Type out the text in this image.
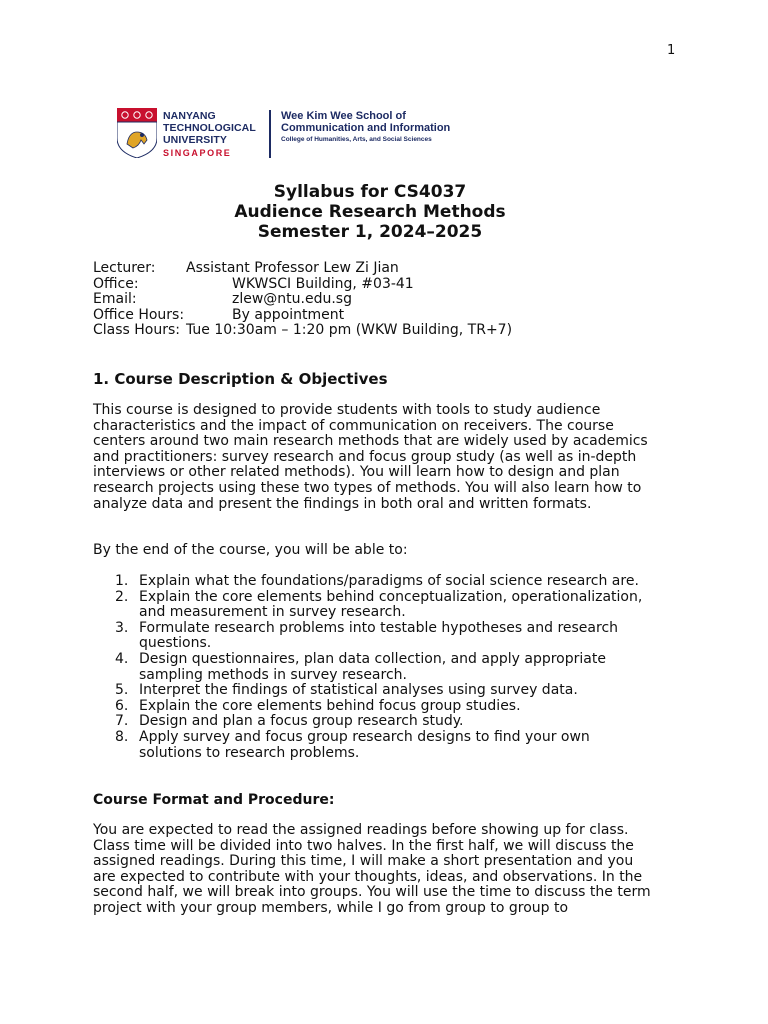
1
NANYANG
TECHNOLOGICAL
UNIVERSITY
SINGAPORE
Wee Kim Wee School of
Communication and Information
College of Humanities, Arts, and Social Sciences
Syllabus for CS4037
Audience Research Methods
Semester 1, 2024–2025
Lecturer: Assistant Professor Lew Zi Jian
Office:	WKWSCI Building, #03-41
Email:	zlew@ntu.edu.sg
Office Hours:	By appointment
Class Hours: Tue 10:30am – 1:20 pm (WKW Building, TR+7)
1. Course Description & Objectives
This course is designed to provide students with tools to study audience characteristics and the impact of communication on receivers. The course centers around two main research methods that are widely used by academics and practitioners: survey research and focus group study (as well as in-depth interviews or other related methods). You will learn how to design and plan research projects using these two types of methods. You will also learn how to analyze data and present the findings in both oral and written formats.
By the end of the course, you will be able to:
1. Explain what the foundations/paradigms of social science research are.
2. Explain the core elements behind conceptualization, operationalization, and measurement in survey research.
3. Formulate research problems into testable hypotheses and research questions.
4. Design questionnaires, plan data collection, and apply appropriate sampling methods in survey research.
5. Interpret the findings of statistical analyses using survey data.
6. Explain the core elements behind focus group studies.
7. Design and plan a focus group research study.
8. Apply survey and focus group research designs to find your own solutions to research problems.
Course Format and Procedure:
You are expected to read the assigned readings before showing up for class. Class time will be divided into two halves. In the first half, we will discuss the assigned readings. During this time, I will make a short presentation and you are expected to contribute with your thoughts, ideas, and observations. In the second half, we will break into groups. You will use the time to discuss the term project with your group members, while I go from group to group to
